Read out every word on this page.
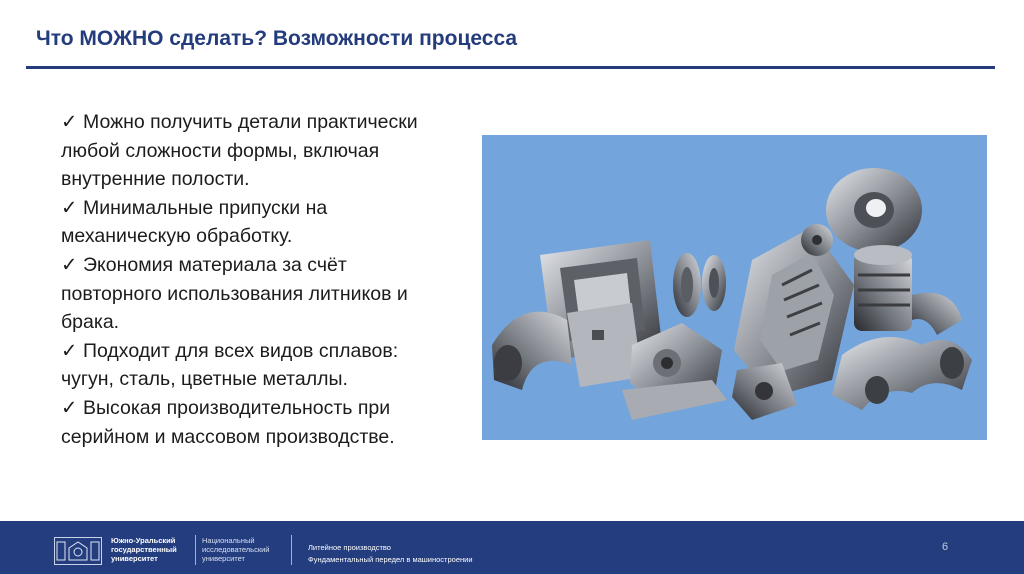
Что МОЖНО сделать? Возможности процесса

✓ Можно получить детали практически любой сложности формы, включая внутренние полости.

✓ Минимальные припуски на механическую обработку.

✓ Экономия материала за счёт повторного использования литников и брака.

✓ Подходит для всех видов сплавов: чугун, сталь, цветные металлы.

✓ Высокая производительность при серийном и массовом производстве.

Южно-Уральский
государственный
университет
Национальный
исследовательский
университет
Литейное производство
Фундаментальный передел в машиностроении
6
